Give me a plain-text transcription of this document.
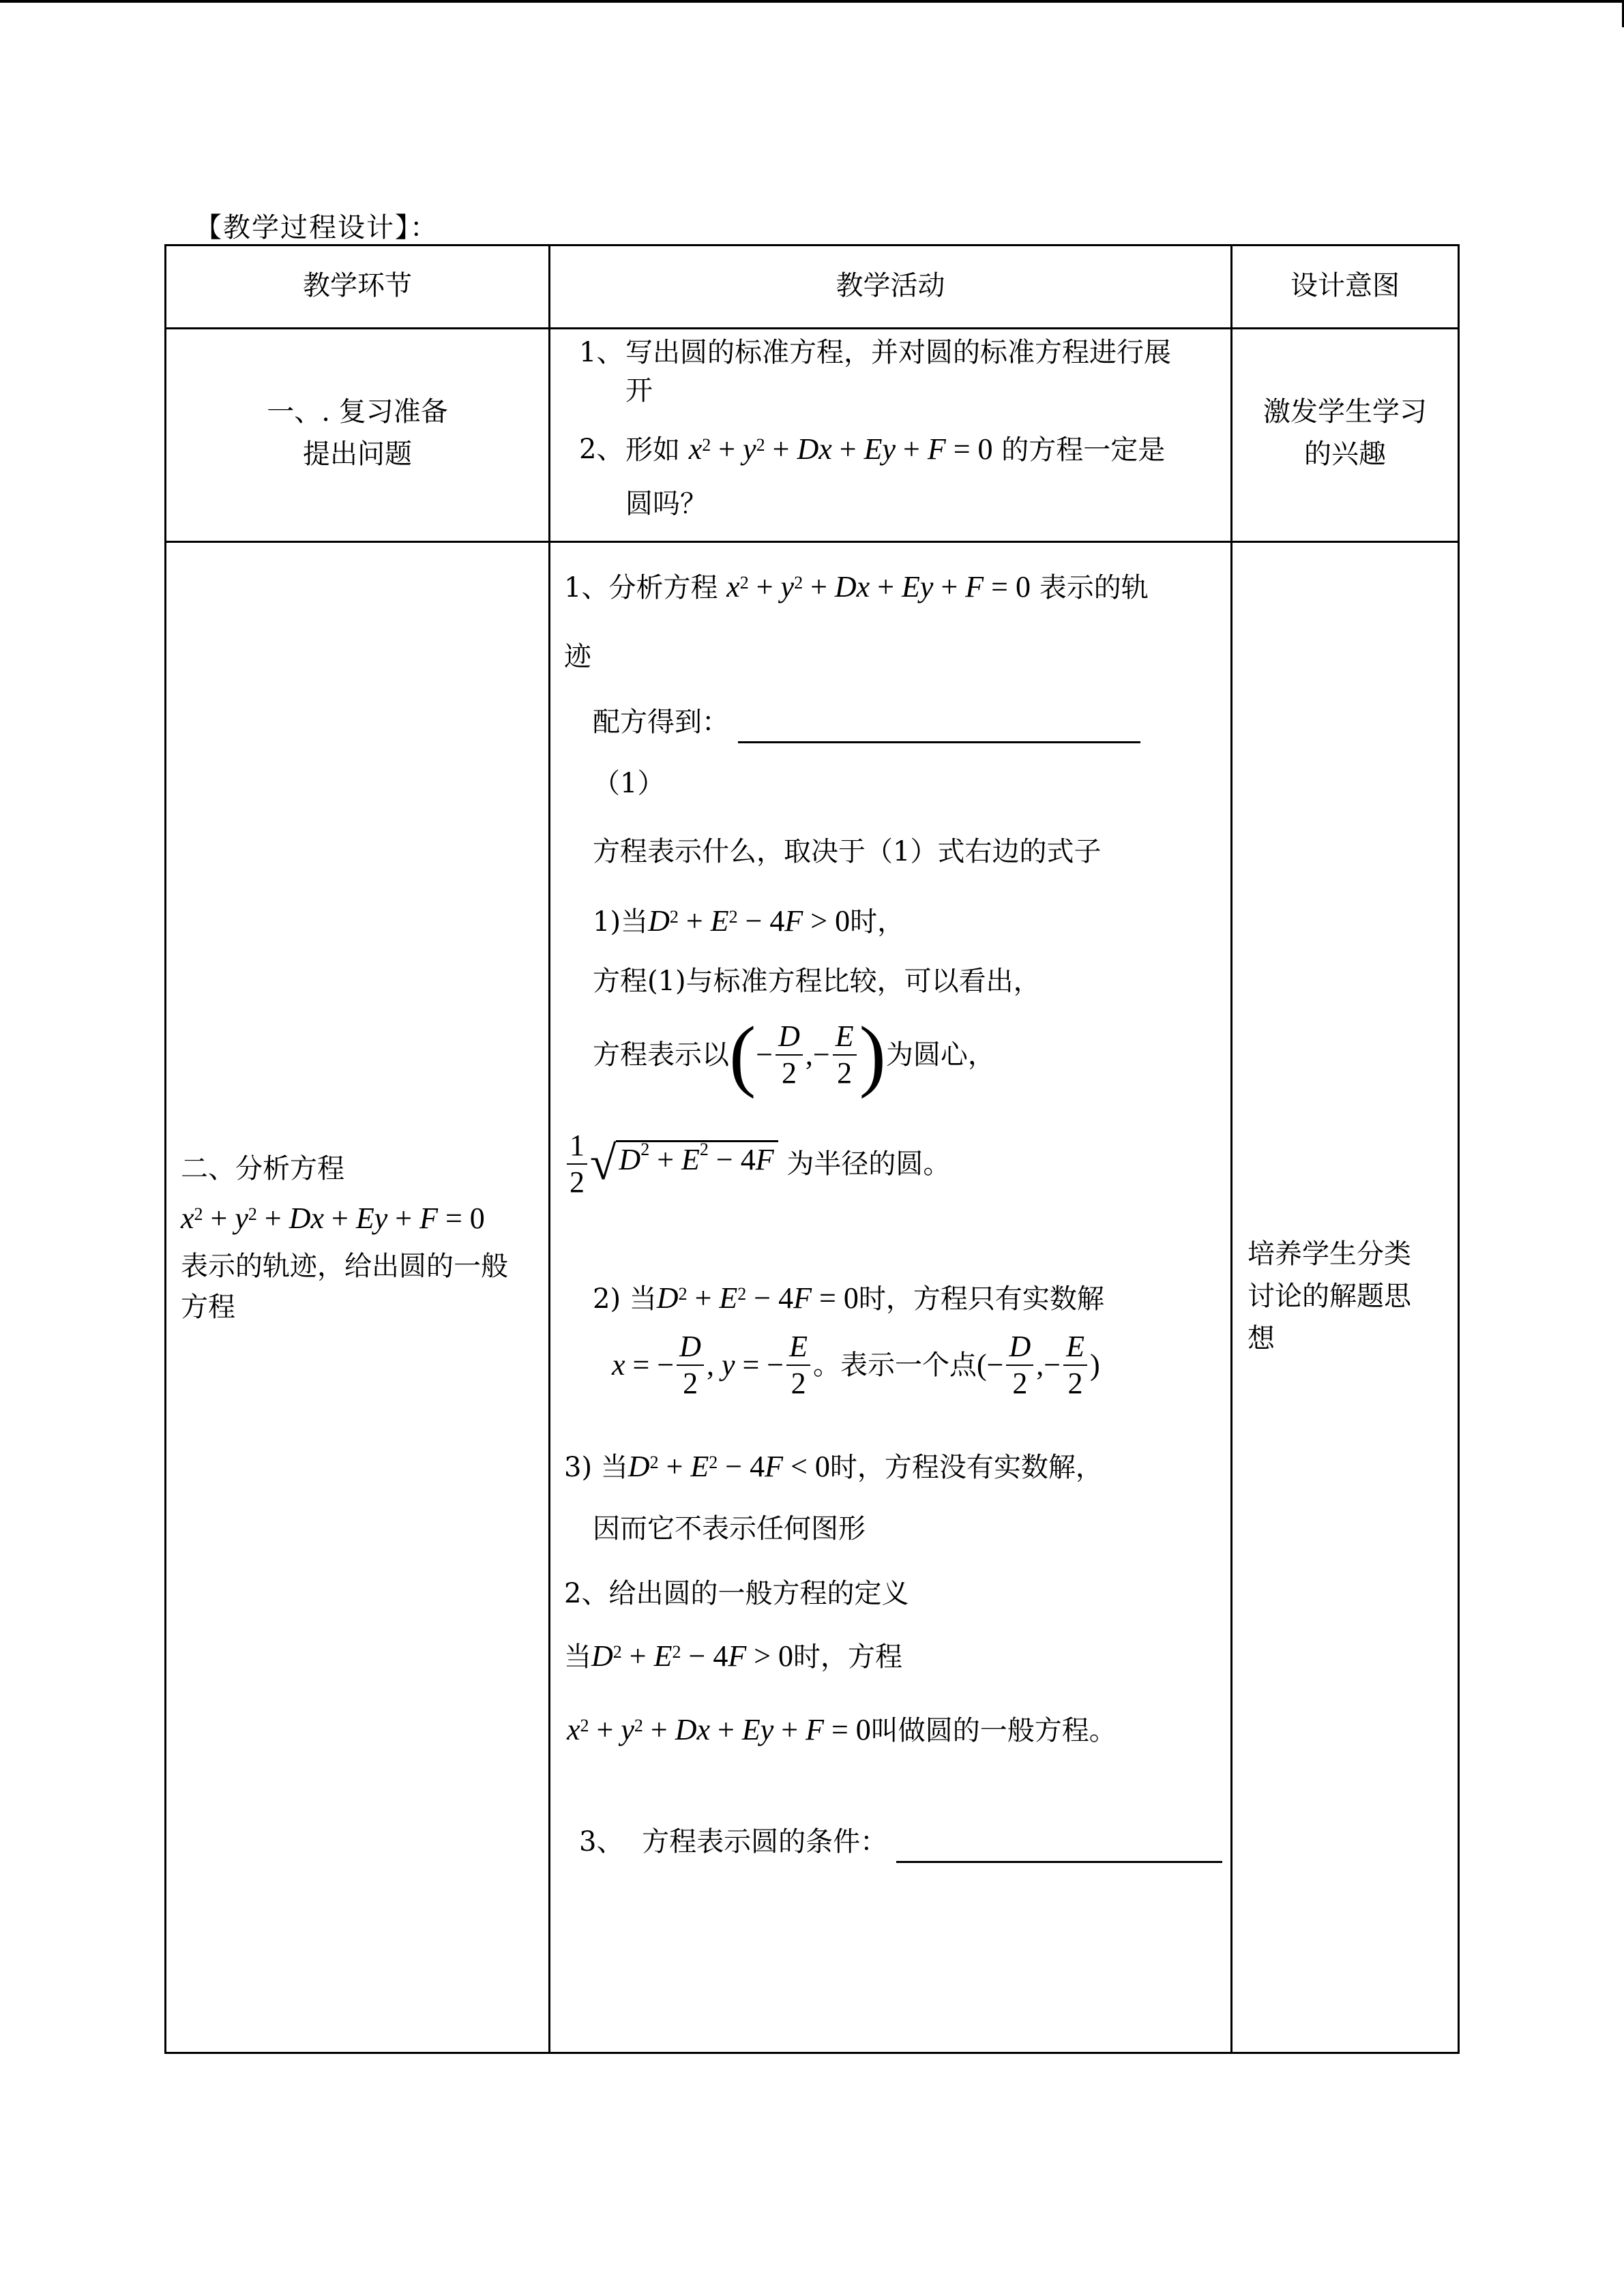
【教学过程设计】：
教学环节	教学活动	设计意图
一、. 复习准备
提出问题
1、 写出圆的标准方程，并对圆的标准方程进行展
开
2、 形如 $x^2 + y^2 + Dx + Ey + F = 0$ 的方程一定是
圆吗？
激发学生学习
的兴趣
二、分析方程
$x^2 + y^2 + Dx + Ey + F = 0$
表示的轨迹，给出圆的一般
方程
1、分析方程 $x^2 + y^2 + Dx + Ey + F = 0$ 表示的轨
迹
配方得到：
（1）
方程表示什么，取决于（1）式右边的式子
1)当$D^2 + E^2 - 4F > 0$时，
方程(1)与标准方程比较，可以看出，
方程表示以(− $\frac{D}{2}$ ,− $\frac{E}{2}$ )为圆心，
$\frac{1}{2}$ √ $D^2 + E^2 - 4F$ 为半径的圆。
2) 当$D^2 + E^2 - 4F = 0$时，方程只有实数解
x = − $\frac{D}{2}$ , y = − $\frac{E}{2}$ 。表示一个点(− $\frac{D}{2}$ ,− $\frac{E}{2}$ )
3) 当$D^2 + E^2 - 4F < 0$时，方程没有实数解，
因而它不表示任何图形
2、给出圆的一般方程的定义
当$D^2 + E^2 - 4F > 0$时，方程
$x^2 + y^2 + Dx + Ey + F = 0$叫做圆的一般方程。
3、 方程表示圆的条件：
培养学生分类
讨论的解题思
想
